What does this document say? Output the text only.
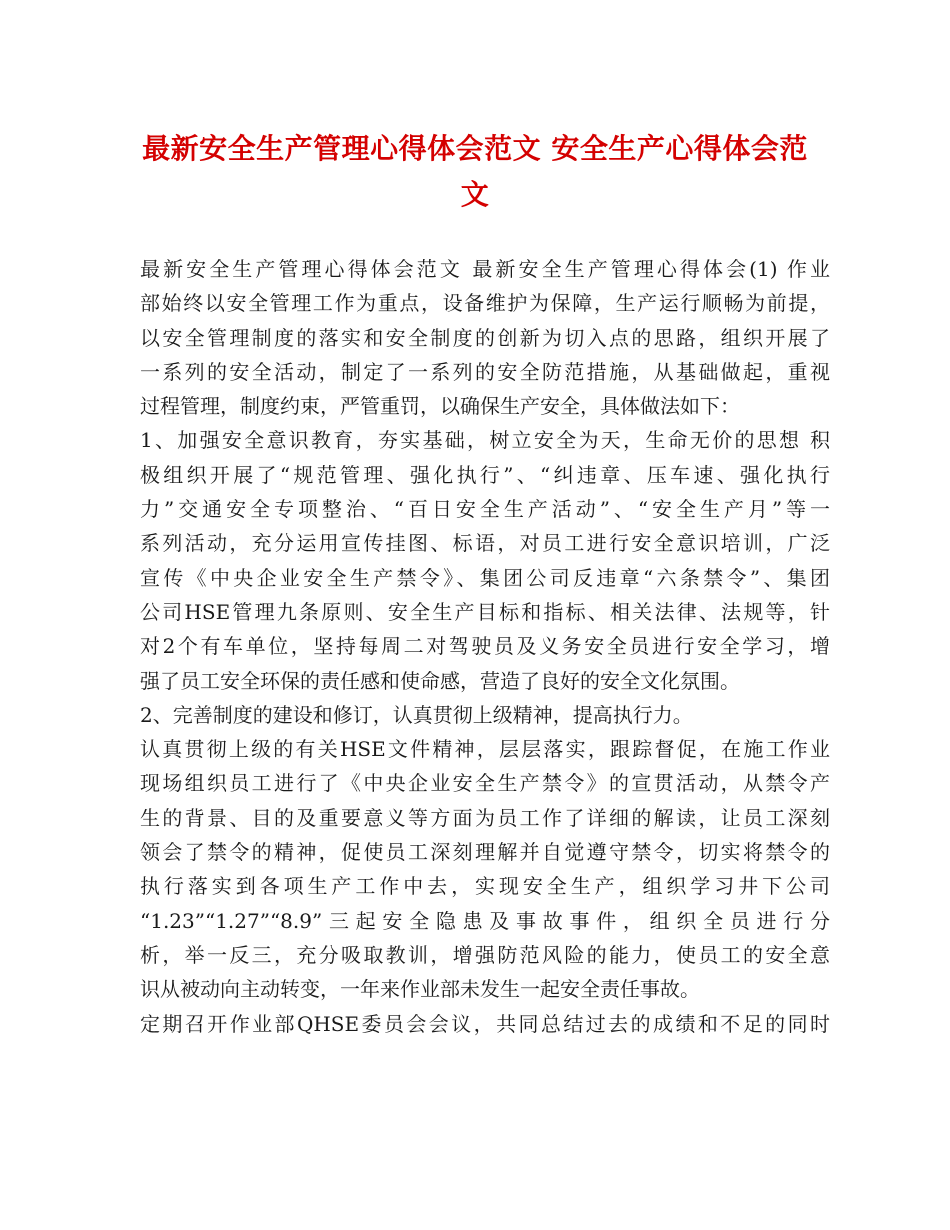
最新安全生产管理心得体会范文 安全生产心得体会范
文
最新安全生产管理心得体会范文 最新安全生产管理心得体会(1) 作业
部始终以安全管理工作为重点，设备维护为保障，生产运行顺畅为前提，
以安全管理制度的落实和安全制度的创新为切入点的思路，组织开展了
一系列的安全活动，制定了一系列的安全防范措施，从基础做起，重视
过程管理，制度约束，严管重罚，以确保生产安全，具体做法如下：
1、加强安全意识教育，夯实基础，树立安全为天，生命无价的思想 积
极组织开展了“规范管理、强化执行”、“纠违章、压车速、强化执行
力”交通安全专项整治、“百日安全生产活动”、“安全生产月”等一
系列活动，充分运用宣传挂图、标语，对员工进行安全意识培训，广泛
宣传《中央企业安全生产禁令》、集团公司反违章“六条禁令”、集团
公司HSE管理九条原则、安全生产目标和指标、相关法律、法规等，针
对2个有车单位，坚持每周二对驾驶员及义务安全员进行安全学习，增
强了员工安全环保的责任感和使命感，营造了良好的安全文化氛围。
2、完善制度的建设和修订，认真贯彻上级精神，提高执行力。
认真贯彻上级的有关HSE文件精神，层层落实，跟踪督促，在施工作业
现场组织员工进行了《中央企业安全生产禁令》的宣贯活动，从禁令产
生的背景、目的及重要意义等方面为员工作了详细的解读，让员工深刻
领会了禁令的精神，促使员工深刻理解并自觉遵守禁令，切实将禁令的
执行落实到各项生产工作中去，实现安全生产，组织学习井下公司
“1.23”“1.27”“8.9”三起安全隐患及事故事件，组织全员进行分
析，举一反三，充分吸取教训，增强防范风险的能力，使员工的安全意
识从被动向主动转变，一年来作业部未发生一起安全责任事故。
定期召开作业部QHSE委员会会议，共同总结过去的成绩和不足的同时
